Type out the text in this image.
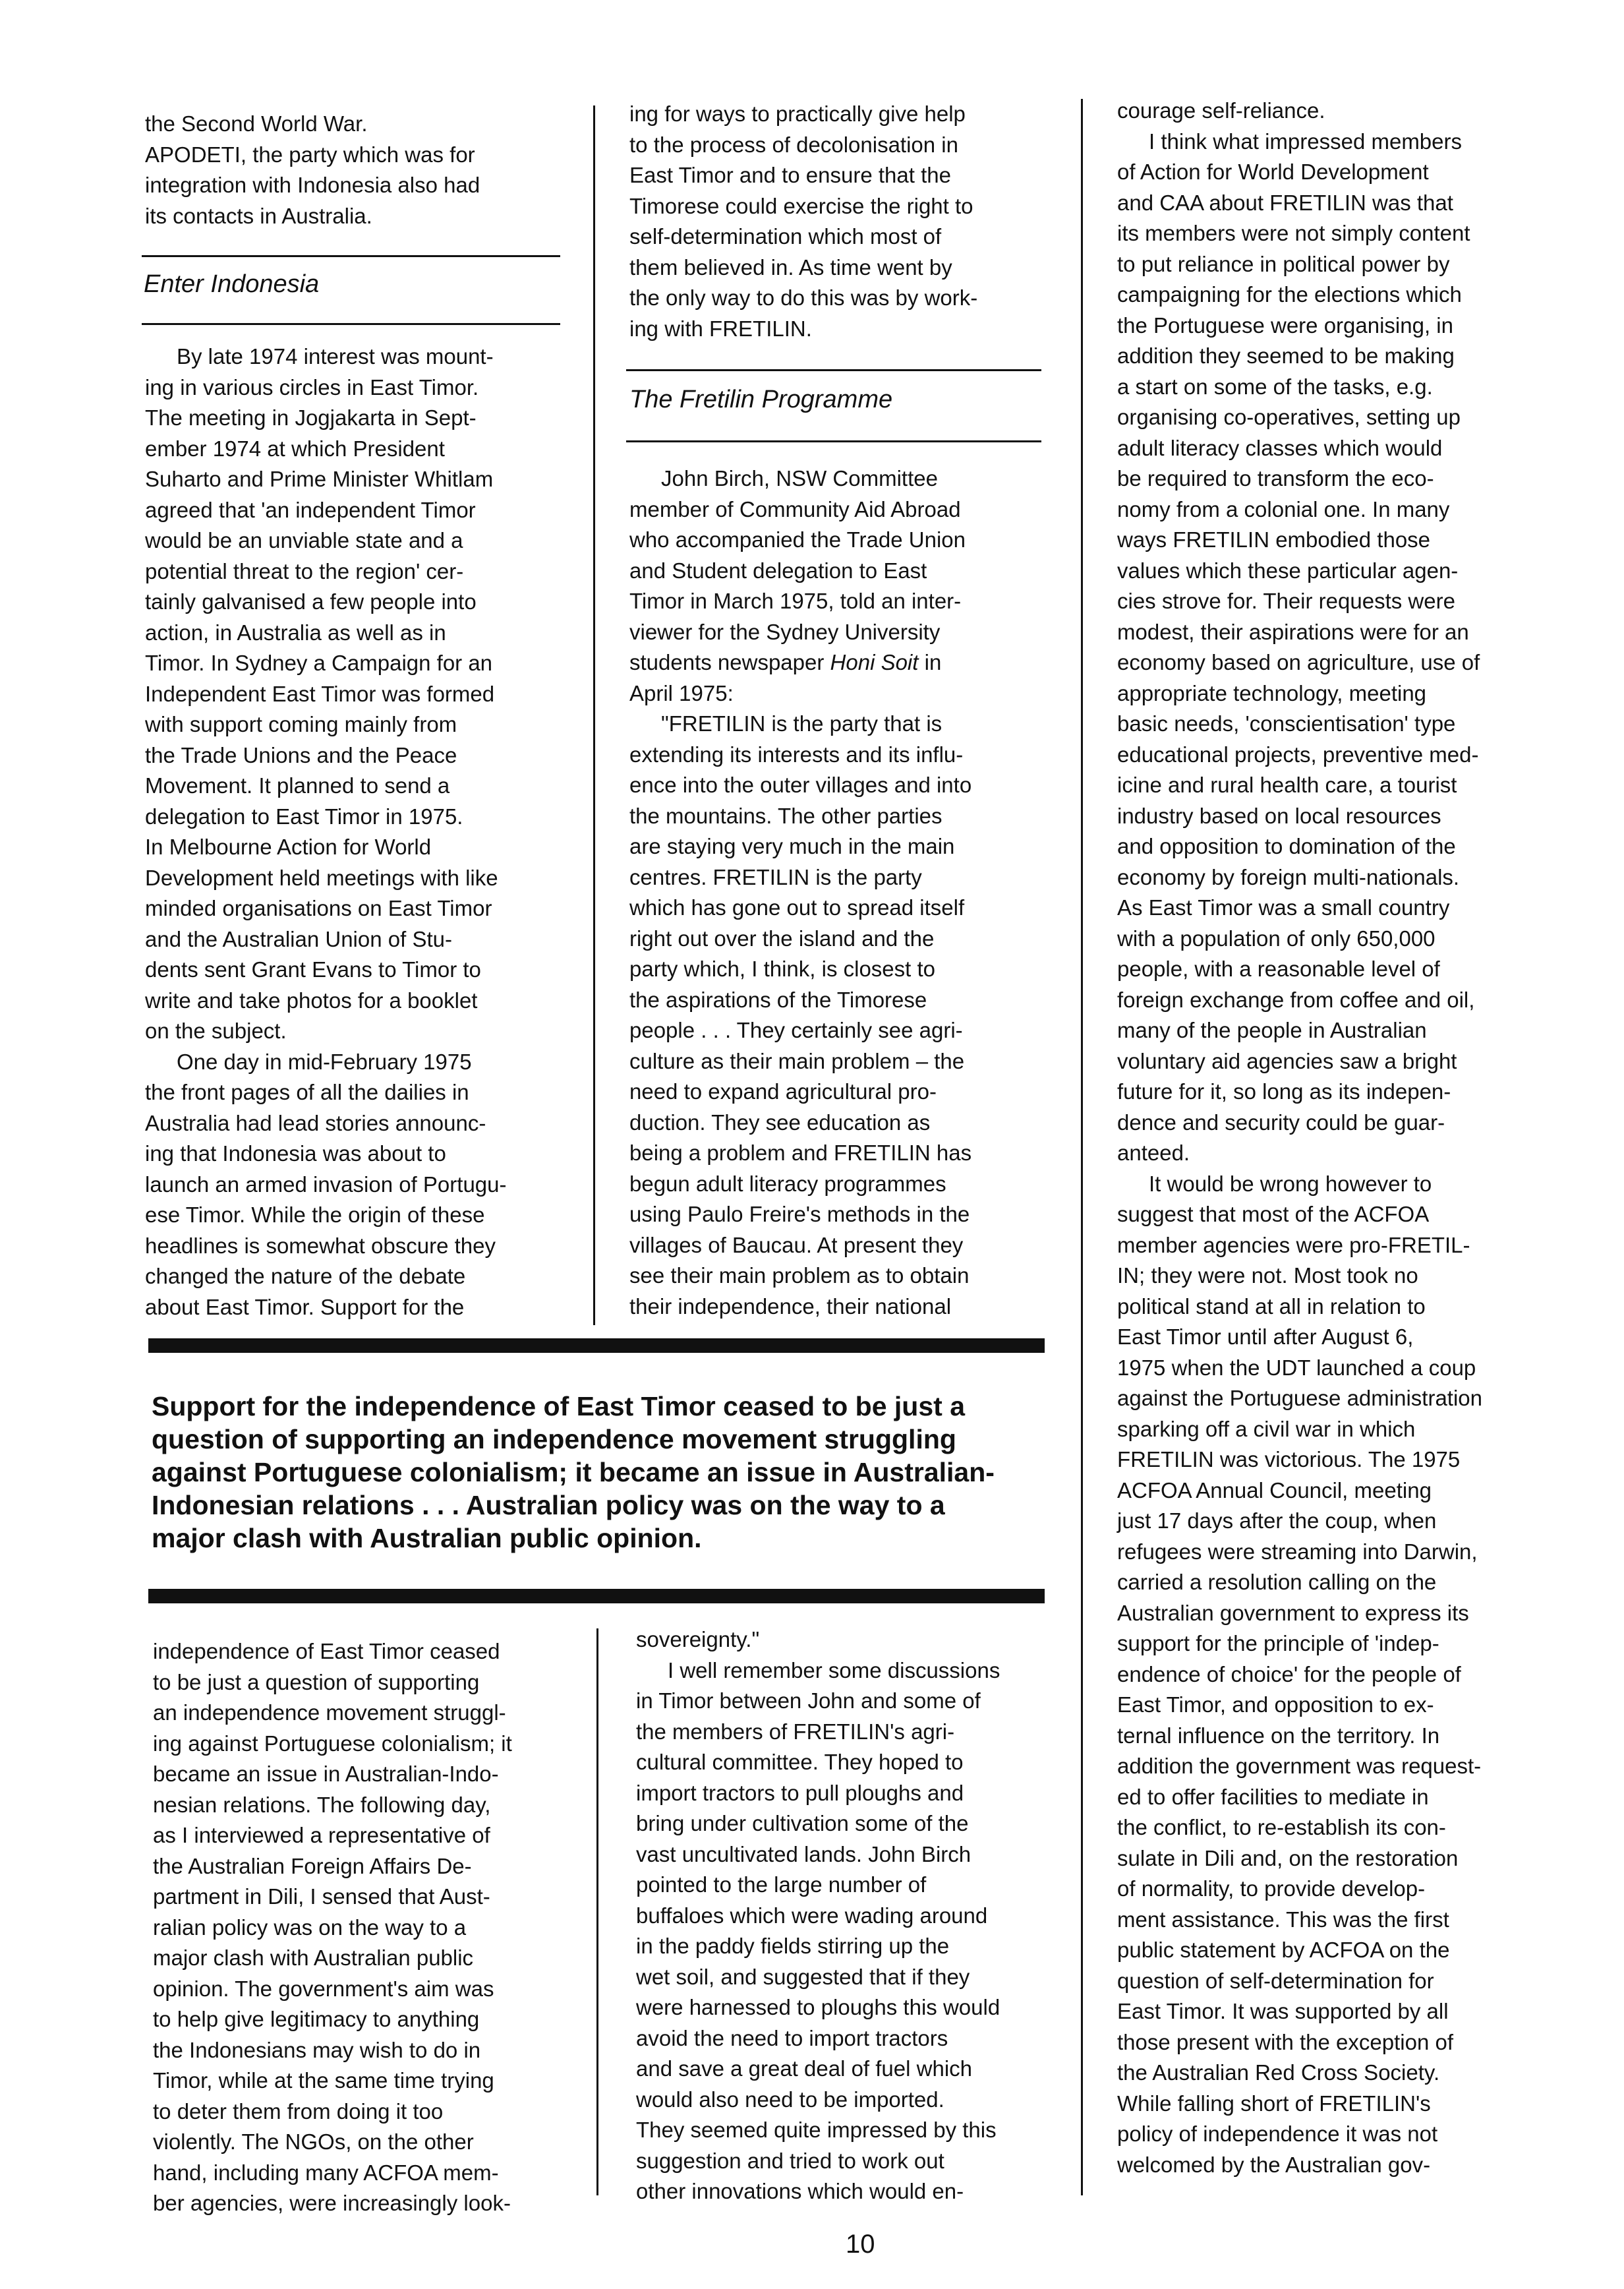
the Second World War.
APODETI, the party which was for
integration with Indonesia also had
its contacts in Australia.
Enter Indonesia
By late 1974 interest was mount-
ing in various circles in East Timor.
The meeting in Jogjakarta in Sept-
ember 1974 at which President
Suharto and Prime Minister Whitlam
agreed that 'an independent Timor
would be an unviable state and a
potential threat to the region' cer-
tainly galvanised a few people into
action, in Australia as well as in
Timor. In Sydney a Campaign for an
Independent East Timor was formed
with support coming mainly from
the Trade Unions and the Peace
Movement. It planned to send a
delegation to East Timor in 1975.
In Melbourne Action for World
Development held meetings with like
minded organisations on East Timor
and the Australian Union of Stu-
dents sent Grant Evans to Timor to
write and take photos for a booklet
on the subject.
One day in mid-February 1975
the front pages of all the dailies in
Australia had lead stories announc-
ing that Indonesia was about to
launch an armed invasion of Portugu-
ese Timor. While the origin of these
headlines is somewhat obscure they
changed the nature of the debate
about East Timor. Support for the
ing for ways to practically give help
to the process of decolonisation in
East Timor and to ensure that the
Timorese could exercise the right to
self-determination which most of
them believed in. As time went by
the only way to do this was by work-
ing with FRETILIN.
The Fretilin Programme
John Birch, NSW Committee
member of Community Aid Abroad
who accompanied the Trade Union
and Student delegation to East
Timor in March 1975, told an inter-
viewer for the Sydney University
students newspaper Honi Soit in
April 1975:
"FRETILIN is the party that is
extending its interests and its influ-
ence into the outer villages and into
the mountains. The other parties
are staying very much in the main
centres. FRETILIN is the party
which has gone out to spread itself
right out over the island and the
party which, I think, is closest to
the aspirations of the Timorese
people . . . They certainly see agri-
culture as their main problem – the
need to expand agricultural pro-
duction. They see education as
being a problem and FRETILIN has
begun adult literacy programmes
using Paulo Freire's methods in the
villages of Baucau. At present they
see their main problem as to obtain
their independence, their national
Support for the independence of East Timor ceased to be just a
question of supporting an independence movement struggling
against Portuguese colonialism; it became an issue in Australian-
Indonesian relations . . . Australian policy was on the way to a
major clash with Australian public opinion.
independence of East Timor ceased
to be just a question of supporting
an independence movement struggl-
ing against Portuguese colonialism; it
became an issue in Australian-Indo-
nesian relations. The following day,
as I interviewed a representative of
the Australian Foreign Affairs De-
partment in Dili, I sensed that Aust-
ralian policy was on the way to a
major clash with Australian public
opinion. The government's aim was
to help give legitimacy to anything
the Indonesians may wish to do in
Timor, while at the same time trying
to deter them from doing it too
violently. The NGOs, on the other
hand, including many ACFOA mem-
ber agencies, were increasingly look-
sovereignty."
I well remember some discussions
in Timor between John and some of
the members of FRETILIN's agri-
cultural committee. They hoped to
import tractors to pull ploughs and
bring under cultivation some of the
vast uncultivated lands. John Birch
pointed to the large number of
buffaloes which were wading around
in the paddy fields stirring up the
wet soil, and suggested that if they
were harnessed to ploughs this would
avoid the need to import tractors
and save a great deal of fuel which
would also need to be imported.
They seemed quite impressed by this
suggestion and tried to work out
other innovations which would en-
courage self-reliance.
I think what impressed members
of Action for World Development
and CAA about FRETILIN was that
its members were not simply content
to put reliance in political power by
campaigning for the elections which
the Portuguese were organising, in
addition they seemed to be making
a start on some of the tasks, e.g.
organising co-operatives, setting up
adult literacy classes which would
be required to transform the eco-
nomy from a colonial one. In many
ways FRETILIN embodied those
values which these particular agen-
cies strove for. Their requests were
modest, their aspirations were for an
economy based on agriculture, use of
appropriate technology, meeting
basic needs, 'conscientisation' type
educational projects, preventive med-
icine and rural health care, a tourist
industry based on local resources
and opposition to domination of the
economy by foreign multi-nationals.
As East Timor was a small country
with a population of only 650,000
people, with a reasonable level of
foreign exchange from coffee and oil,
many of the people in Australian
voluntary aid agencies saw a bright
future for it, so long as its indepen-
dence and security could be guar-
anteed.
It would be wrong however to
suggest that most of the ACFOA
member agencies were pro-FRETIL-
IN; they were not. Most took no
political stand at all in relation to
East Timor until after August 6,
1975 when the UDT launched a coup
against the Portuguese administration
sparking off a civil war in which
FRETILIN was victorious. The 1975
ACFOA Annual Council, meeting
just 17 days after the coup, when
refugees were streaming into Darwin,
carried a resolution calling on the
Australian government to express its
support for the principle of 'indep-
endence of choice' for the people of
East Timor, and opposition to ex-
ternal influence on the territory. In
addition the government was request-
ed to offer facilities to mediate in
the conflict, to re-establish its con-
sulate in Dili and, on the restoration
of normality, to provide develop-
ment assistance. This was the first
public statement by ACFOA on the
question of self-determination for
East Timor. It was supported by all
those present with the exception of
the Australian Red Cross Society.
While falling short of FRETILIN's
policy of independence it was not
welcomed by the Australian gov-
10
